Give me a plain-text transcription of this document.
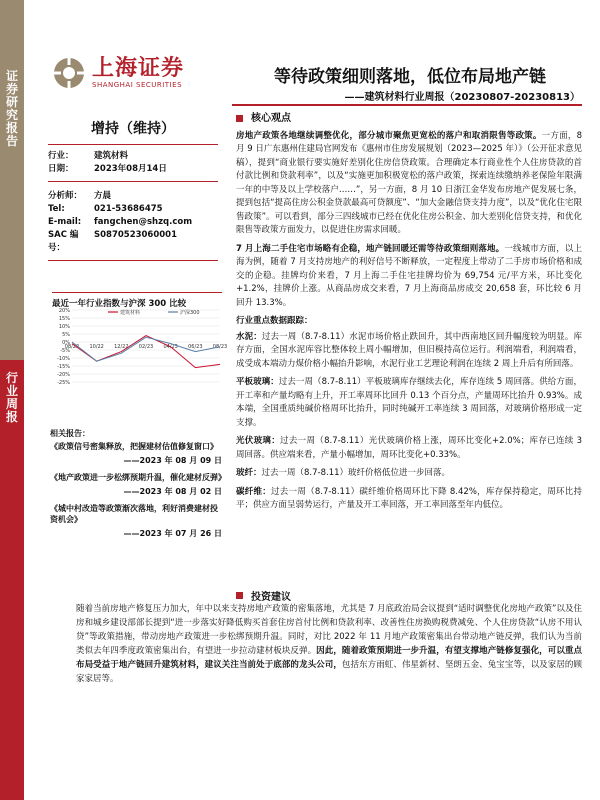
证券研究报告
行业周报
上海证券
SHANGHAI SECURITIES	等待政策细则落地，低位布局地产链
——建筑材料行业周报（20230807-20230813）
增持（维持）
行业：	建筑材料
日期：	2023年08月14日
分析师：	方晨
Tel:	021-53686475
E-mail:	fangchen@shzq.com
SAC 编号：
S0870523060001
最近一年行业指数与沪深 300 比较
20%
15%
10%
5%
0%
-5%
-10%
-15%
-20%
-25%
08/22 10/22 12/22 02/23 04/23 06/23 08/23
建筑材料	沪深300
相关报告：
《政策信号密集释放，把握建材估值修复窗口》
——2023 年 08 月 09 日
《地产政策进一步松绑预期升温，催化建材反弹》
——2023 年 08 月 02 日
《城中村改造等政策渐次落地，利好消费建材投资机会》
——2023 年 07 月 26 日
核心观点
房地产政策各地继续调整优化，部分城市聚焦更宽松的落户和取消限售等政策。一方面，8 月 9 日广东惠州住建局官网发布《惠州市住房发展规划（2023—2025 年）》（公开征求意见稿），提到“商业银行要实施好差别化住房信贷政策。合理确定本行商业性个人住房贷款的首付款比例和贷款利率”，以及“实施更加积极宽松的落户政策，探索连续缴纳养老保险年限满一年的中等及以上学校落户……”，另一方面，8 月 10 日浙江金华发布房地产促发展七条，提到包括“提高住房公积金贷款最高可贷额度”、“加大金融信贷支持力度”，以及“优化住宅限售政策”。可以看到，部分三四线城市已经在优化住房公积金、加大差别化信贷支持，和优化限售等政策方面发力，以促进住房需求回暖。
7 月上海二手住宅市场略有企稳，地产链回暖还需等待政策细则落地。一线城市方面，以上海为例，随着 7 月支持房地产的利好信号不断释放，一定程度上带动了二手房市场价格和成交的企稳。挂牌均价来看，7 月上海二手住宅挂牌均价为 69,754 元/平方米，环比变化+1.2%，挂牌价上涨。从商品房成交来看，7 月上海商品房成交 20,658 套，环比较 6 月回升 13.3%。
行业重点数据跟踪：
水泥：过去一周（8.7-8.11）水泥市场价格止跌回升，其中西南地区回升幅度较为明显。库存方面，全国水泥库容比整体较上周小幅增加，但旧模持高位运行。利润端看，利润端看，成受成本端动力煤价格小幅抬升影响，水泥行业工艺理论利润在连续 2 周上升后有所回落。
平板玻璃：过去一周（8.7-8.11）平板玻璃库存继续去化，库存连续 5 周回落。供给方面，开工率和产量均略有上升，开工率周环比回升 0.13 个百分点，产量周环比抬升 0.93%。成本端，全国重质纯碱价格周环比抬升，同时纯碱开工率连续 3 周回落，对玻璃价格形成一定支撑。
光伏玻璃：过去一周（8.7-8.11）光伏玻璃价格上涨，周环比变化+2.0%；库存已连续 3 周回落。供应端来看，产量小幅增加，周环比变化+0.33%。
玻纤：过去一周（8.7-8.11）玻纤价格低位进一步回落。
碳纤维：过去一周（8.7-8.11）碳纤维价格周环比下降 8.42%，库存保持稳定，周环比持平；供应方面呈弱势运行，产量及开工率回落，开工率回落至年内低位。
投资建议
随着当前房地产修复压力加大，年中以来支持房地产政策的密集落地，尤其是 7 月底政治局会议提到“适时调整优化房地产政策”以及住房和城乡建设部部长提到“进一步落实好降低购买首套住房首付比例和贷款利率、改善性住房换购税费减免、个人住房贷款“认房不用认贷”等政策措施，带动房地产政策进一步松绑预期升温。同时，对比 2022 年 11 月地产政策密集出台带动地产链反弹，我们认为当前类似去年四季度政策密集出台，有望进一步拉动建材板块反弹。因此，随着政策预期进一步升温，有望支撑地产链修复强化，可以重点布局受益于地产链回升建筑材料，建议关注当前处于底部的龙头公司，包括东方雨虹、伟星新材、坚朗五金、兔宝宝等，以及家居的顾家家居等。
